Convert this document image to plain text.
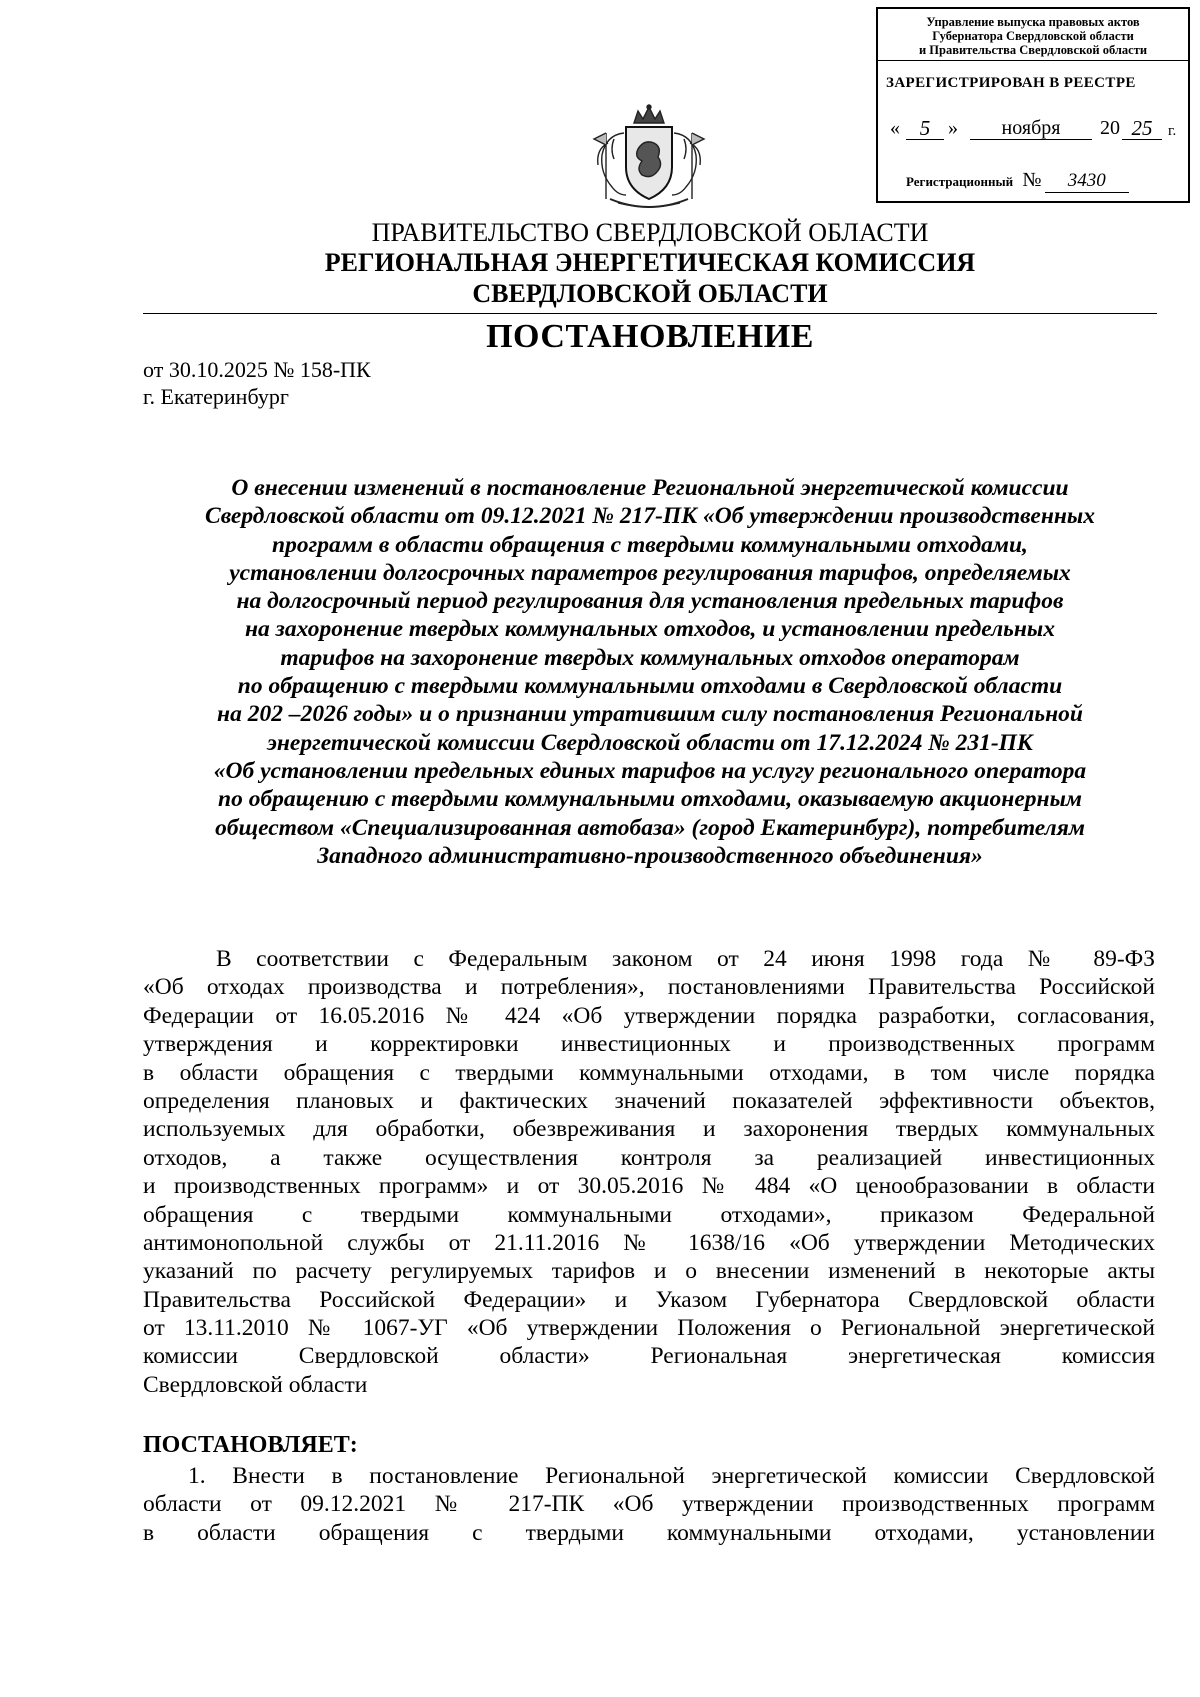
Управление выпуска правовых актов
Губернатора Свердловской области
и Правительства Свердловской области
ЗАРЕГИСТРИРОВАН В РЕЕСТРЕ
« 5 »	ноября	20 25	г.
Регистрационный № 3430
ПРАВИТЕЛЬСТВО СВЕРДЛОВСКОЙ ОБЛАСТИ
РЕГИОНАЛЬНАЯ ЭНЕРГЕТИЧЕСКАЯ КОМИССИЯ
СВЕРДЛОВСКОЙ ОБЛАСТИ
ПОСТАНОВЛЕНИЕ
от 30.10.2025 № 158-ПК
г. Екатеринбург
О внесении изменений в постановление Региональной энергетической комиссии
Свердловской области от 09.12.2021 № 217-ПК «Об утверждении производственных
программ в области обращения с твердыми коммунальными отходами,
установлении долгосрочных параметров регулирования тарифов, определяемых
на долгосрочный период регулирования для установления предельных тарифов
на захоронение твердых коммунальных отходов, и установлении предельных
тарифов на захоронение твердых коммунальных отходов операторам
по обращению с твердыми коммунальными отходами в Свердловской области
на 202 –2026 годы» и о признании утратившим силу постановления Региональной
энергетической комиссии Свердловской области от 17.12.2024 № 231-ПК
«Об установлении предельных единых тарифов на услугу регионального оператора
по обращению с твердыми коммунальными отходами, оказываемую акционерным
обществом «Специализированная автобаза» (город Екатеринбург), потребителям
Западного административно-производственного объединения»
В соответствии с Федеральным законом от 24 июня 1998 года № 89-ФЗ
«Об отходах производства и потребления», постановлениями Правительства Российской
Федерации от 16.05.2016 № 424 «Об утверждении порядка разработки, согласования,
утверждения и корректировки инвестиционных и производственных программ
в области обращения с твердыми коммунальными отходами, в том числе порядка
определения плановых и фактических значений показателей эффективности объектов,
используемых для обработки, обезвреживания и захоронения твердых коммунальных
отходов, а также осуществления контроля за реализацией инвестиционных
и производственных программ» и от 30.05.2016 № 484 «О ценообразовании в области
обращения с твердыми коммунальными отходами», приказом Федеральной
антимонопольной службы от 21.11.2016 № 1638/16 «Об утверждении Методических
указаний по расчету регулируемых тарифов и о внесении изменений в некоторые акты
Правительства Российской Федерации» и Указом Губернатора Свердловской области
от 13.11.2010 № 1067-УГ «Об утверждении Положения о Региональной энергетической
комиссии Свердловской области» Региональная энергетическая комиссия
Свердловской области
ПОСТАНОВЛЯЕТ:
1. Внести в постановление Региональной энергетической комиссии Свердловской
области от 09.12.2021 № 217-ПК «Об утверждении производственных программ
в области обращения с твердыми коммунальными отходами, установлении
